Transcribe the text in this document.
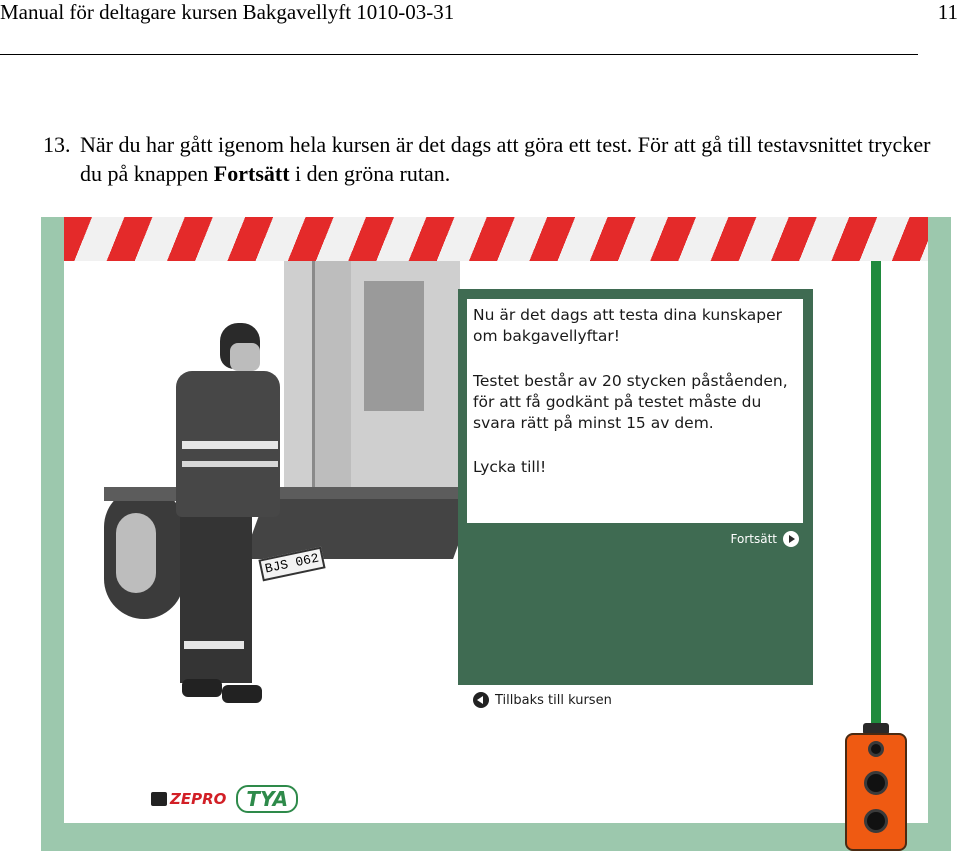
Manual för deltagare kursen Bakgavellyft 1010-03-31	11
13. När du har gått igenom hela kursen är det dags att göra ett test. För att gå till testavsnittet trycker du på knappen Fortsätt i den gröna rutan.
BJS 062
Nu är det dags att testa dina kunskaper om bakgavellyftar!
Testet består av 20 stycken påståenden, för att få godkänt på testet måste du svara rätt på minst 15 av dem.
Lycka till!
Fortsätt
Tillbaks till kursen
ZEPRO	TYA
